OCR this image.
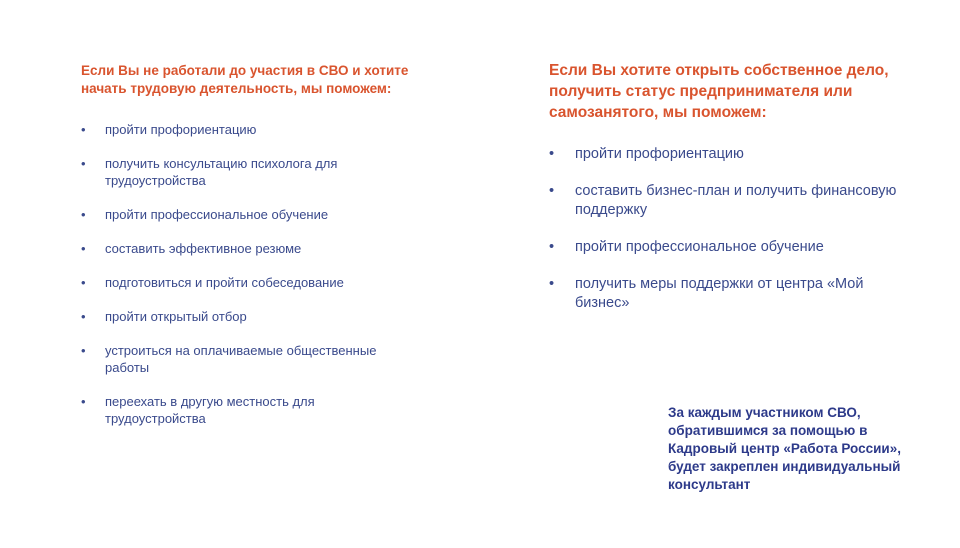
Если Вы не работали до участия в СВО и хотите начать трудовую деятельность, мы поможем:

• пройти профориентацию
• получить консультацию психолога для трудоустройства
• пройти профессиональное обучение
• составить эффективное резюме
• подготовиться и пройти собеседование
• пройти открытый отбор
• устроиться на оплачиваемые общественные работы
• переехать в другую местность для трудоустройства

Если Вы хотите открыть собственное дело, получить статус предпринимателя или самозанятого, мы поможем:

• пройти профориентацию
• составить бизнес-план и получить финансовую поддержку
• пройти профессиональное обучение
• получить меры поддержки от центра «Мой бизнес»

За каждым участником СВО, обратившимся за помощью в Кадровый центр «Работа России», будет закреплен индивидуальный консультант
